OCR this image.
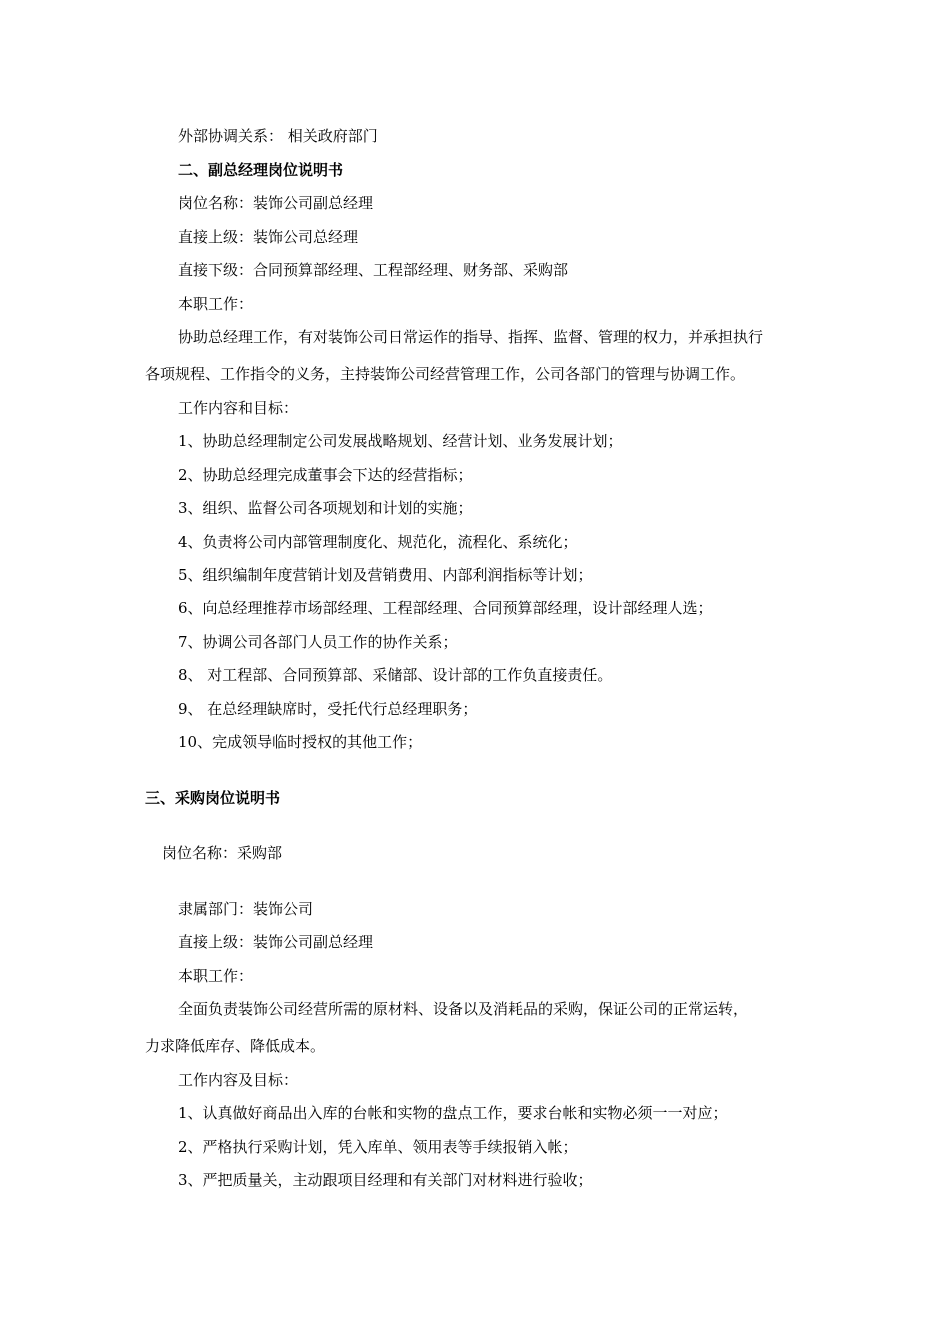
外部协调关系： 相关政府部门
二、副总经理岗位说明书
岗位名称：装饰公司副总经理
直接上级：装饰公司总经理
直接下级：合同预算部经理、工程部经理、财务部、采购部
本职工作：
协助总经理工作，有对装饰公司日常运作的指导、指挥、监督、管理的权力，并承担执行
各项规程、工作指令的义务，主持装饰公司经营管理工作，公司各部门的管理与协调工作。
工作内容和目标：
1、协助总经理制定公司发展战略规划、经营计划、业务发展计划；
2、协助总经理完成董事会下达的经营指标；
3、组织、监督公司各项规划和计划的实施；
4、负责将公司内部管理制度化、规范化，流程化、系统化；
5、组织编制年度营销计划及营销费用、内部利润指标等计划；
6、向总经理推荐市场部经理、工程部经理、合同预算部经理，设计部经理人选；
7、协调公司各部门人员工作的协作关系；
8、 对工程部、合同预算部、采储部、设计部的工作负直接责任。
9、 在总经理缺席时，受托代行总经理职务；
10、完成领导临时授权的其他工作；
三、采购岗位说明书
岗位名称：采购部
隶属部门：装饰公司
直接上级：装饰公司副总经理
本职工作：
全面负责装饰公司经营所需的原材料、设备以及消耗品的采购，保证公司的正常运转，
力求降低库存、降低成本。
工作内容及目标：
1、认真做好商品出入库的台帐和实物的盘点工作，要求台帐和实物必须一一对应；
2、严格执行采购计划，凭入库单、领用表等手续报销入帐；
3、严把质量关，主动跟项目经理和有关部门对材料进行验收；
